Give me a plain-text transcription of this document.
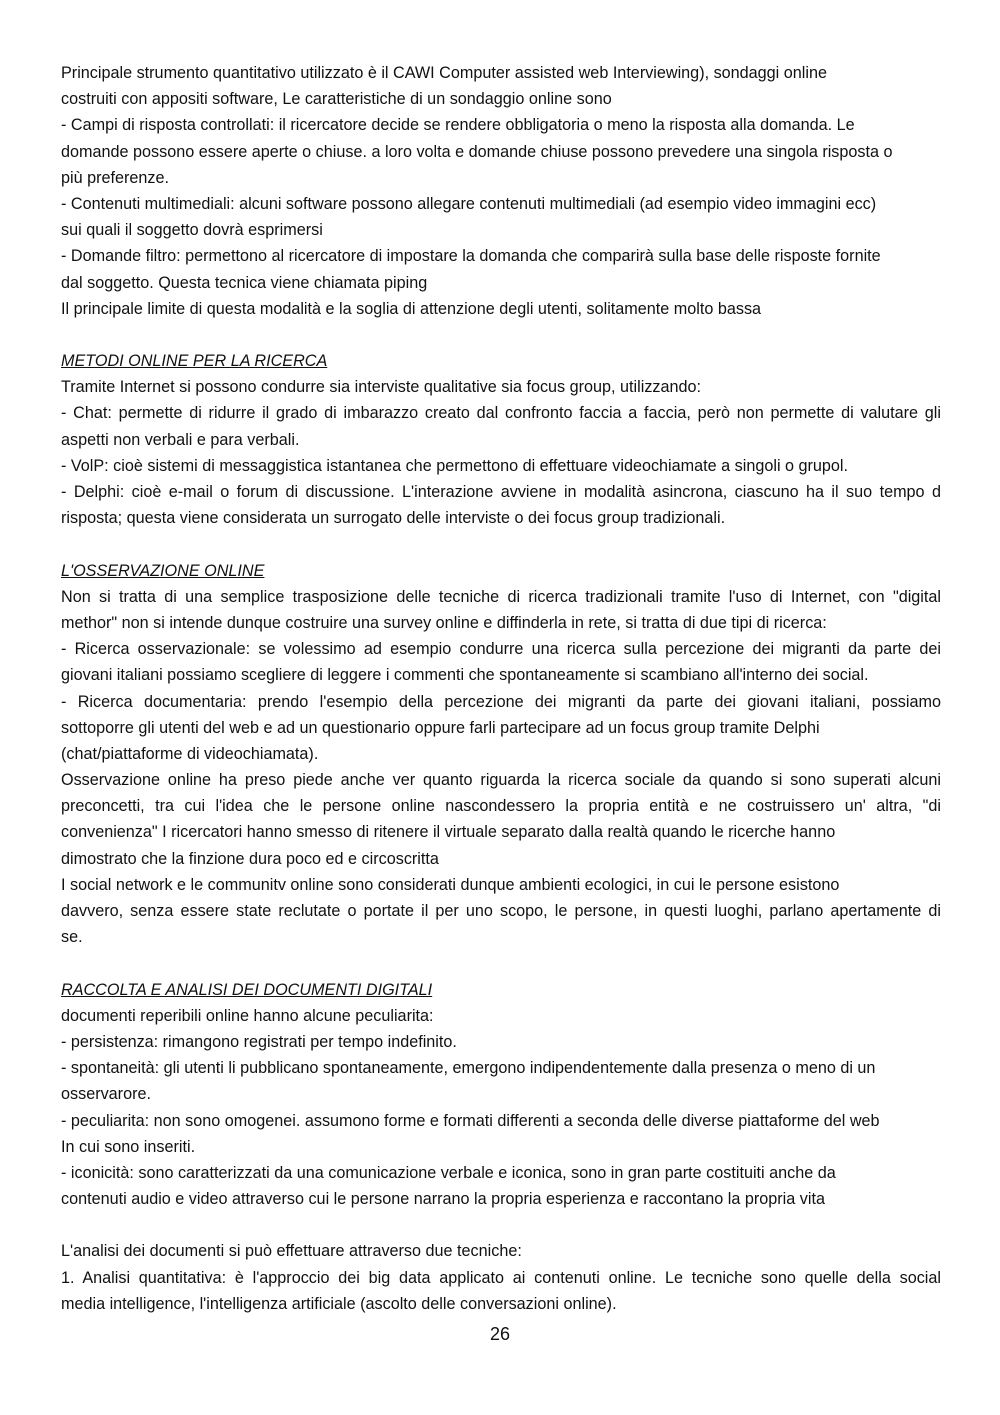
Principale strumento quantitativo utilizzato è il CAWI Computer assisted web Interviewing), sondaggi online
costruiti con appositi software, Le caratteristiche di un sondaggio online sono
- Campi di risposta controllati: il ricercatore decide se rendere obbligatoria o meno la risposta alla domanda. Le
domande possono essere aperte o chiuse. a loro volta e domande chiuse possono prevedere una singola risposta o
più preferenze.
- Contenuti multimediali: alcuni software possono allegare contenuti multimediali (ad esempio video immagini ecc)
sui quali il soggetto dovrà esprimersi
- Domande filtro: permettono al ricercatore di impostare la domanda che comparirà sulla base delle risposte fornite
dal soggetto. Questa tecnica viene chiamata piping
Il principale limite di questa modalità e la soglia di attenzione degli utenti, solitamente molto bassa
METODI ONLINE PER LA RICERCA
Tramite Internet si possono condurre sia interviste qualitative sia focus group, utilizzando:
- Chat: permette di ridurre il grado di imbarazzo creato dal confronto faccia a faccia, però non permette di valutare gli
aspetti non verbali e para verbali.
- VolP: cioè sistemi di messaggistica istantanea che permettono di effettuare videochiamate a singoli o grupol.
- Delphi: cioè e-mail o forum di discussione. L'interazione avviene in modalità asincrona, ciascuno ha il suo tempo d
risposta; questa viene considerata un surrogato delle interviste o dei focus group tradizionali.
L'OSSERVAZIONE ONLINE
Non si tratta di una semplice trasposizione delle tecniche di ricerca tradizionali tramite l'uso di Internet, con "digital
methor" non si intende dunque costruire una survey online e diffinderla in rete, si tratta di due tipi di ricerca:
- Ricerca osservazionale: se volessimo ad esempio condurre una ricerca sulla percezione dei migranti da parte dei
giovani italiani possiamo scegliere di leggere i commenti che spontaneamente si scambiano all'interno dei social.
- Ricerca documentaria: prendo l'esempio della percezione dei migranti da parte dei giovani italiani, possiamo
sottoporre gli utenti del web e ad un questionario oppure farli partecipare ad un focus group tramite Delphi
(chat/piattaforme di videochiamata).
Osservazione online ha preso piede anche ver quanto riguarda la ricerca sociale da quando si sono superati alcuni
preconcetti, tra cui l'idea che le persone online nascondessero la propria entità e ne costruissero un' altra, "di
convenienza" I ricercatori hanno smesso di ritenere il virtuale separato dalla realtà quando le ricerche hanno
dimostrato che la finzione dura poco ed e circoscritta
I social network e le communitv online sono considerati dunque ambienti ecologici, in cui le persone esistono
davvero, senza essere state reclutate o portate il per uno scopo, le persone, in questi luoghi, parlano apertamente di
se.
RACCOLTA E ANALISI DEI DOCUMENTI DIGITALI
documenti reperibili online hanno alcune peculiarita:
- persistenza: rimangono registrati per tempo indefinito.
- spontaneità: gli utenti li pubblicano spontaneamente, emergono indipendentemente dalla presenza o meno di un
osservarore.
- peculiarita: non sono omogenei. assumono forme e formati differenti a seconda delle diverse piattaforme del web
In cui sono inseriti.
- iconicità: sono caratterizzati da una comunicazione verbale e iconica, sono in gran parte costituiti anche da
contenuti audio e video attraverso cui le persone narrano la propria esperienza e raccontano la propria vita
L'analisi dei documenti si può effettuare attraverso due tecniche:
1. Analisi quantitativa: è l'approccio dei big data applicato ai contenuti online. Le tecniche sono quelle della social
media intelligence, l'intelligenza artificiale (ascolto delle conversazioni online).
26
